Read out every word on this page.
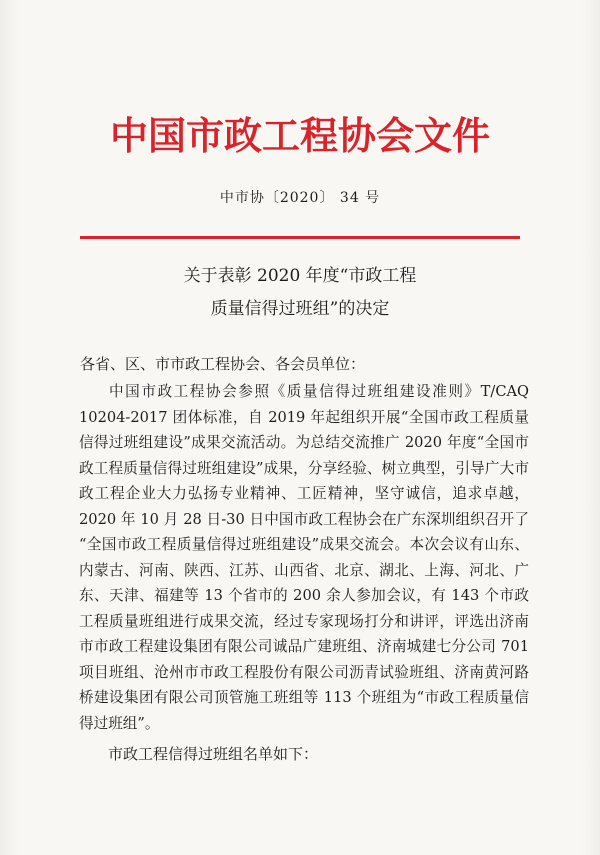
中国市政工程协会文件
中市协〔2020〕 34 号
关于表彰 2020 年度“市政工程
质量信得过班组”的决定
各省、区、市市政工程协会、各会员单位：
中国市政工程协会参照《质量信得过班组建设准则》T/CAQ 10204-2017 团体标准，自 2019 年起组织开展“全国市政工程质量信得过班组建设”成果交流活动。为总结交流推广 2020 年度“全国市政工程质量信得过班组建设”成果，分享经验、树立典型，引导广大市政工程企业大力弘扬专业精神、工匠精神，坚守诚信，追求卓越，2020 年 10 月 28 日-30 日中国市政工程协会在广东深圳组织召开了 “全国市政工程质量信得过班组建设”成果交流会。本次会议有山东、内蒙古、河南、陕西、江苏、山西省、北京、湖北、上海、河北、广东、天津、福建等 13 个省市的 200 余人参加会议，有 143 个市政工程质量班组进行成果交流，经过专家现场打分和讲评，评选出济南市市政工程建设集团有限公司诚品广建班组、济南城建七分公司 701 项目班组、沧州市市政工程股份有限公司沥青试验班组、济南黄河路桥建设集团有限公司顶管施工班组等 113 个班组为“市政工程质量信得过班组”。
市政工程信得过班组名单如下：
